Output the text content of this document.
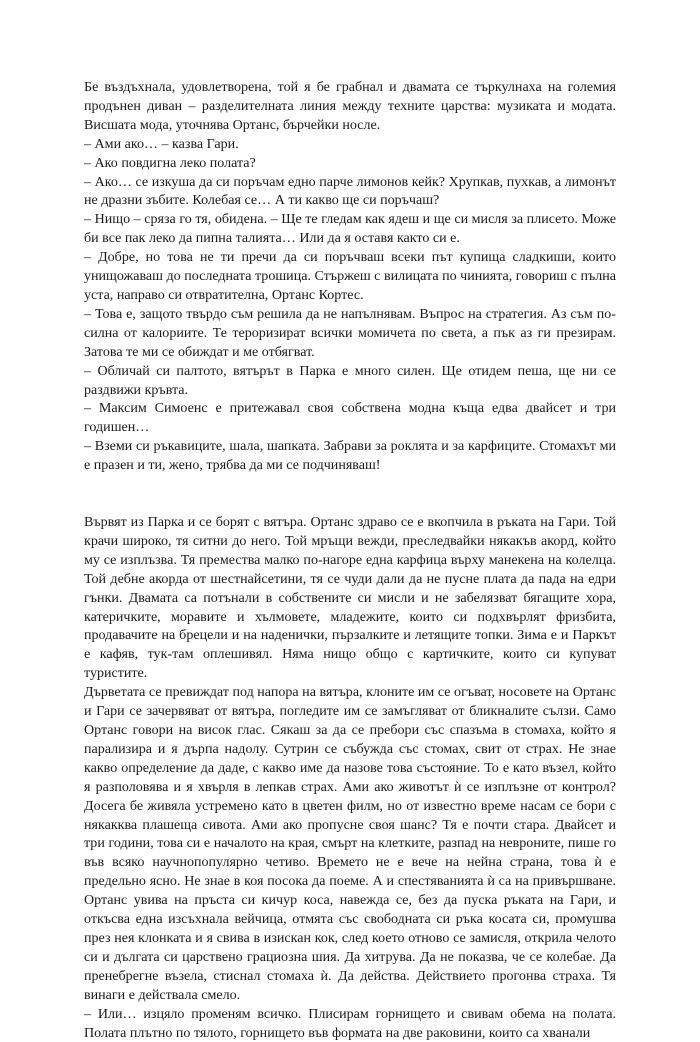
Бе въздъхнала, удовлетворена, той я бе грабнал и двамата се търкулнаха на големия продънен диван – разделителната линия между техните царства: музиката и модата. Висшата мода, уточнява Ортанс, бърчейки носле.

– Ами ако… – казва Гари.

– Ако повдигна леко полата?

– Ако… се изкуша да си поръчам едно парче лимонов кейк? Хрупкав, пухкав, а лимонът не дразни зъбите. Колебая се… А ти какво ще си поръчаш?

– Нищо – сряза го тя, обидена. – Ще те гледам как ядеш и ще си мисля за плисето. Може би все пак леко да пипна талията… Или да я оставя както си е.

– Добре, но това не ти пречи да си поръчваш всеки път купища сладкиши, които унищожаваш до последната трошица. Стържеш с вилицата по чинията, говориш с пълна уста, направо си отвратителна, Ортанс Кортес.

– Това е, защото твърдо съм решила да не напълнявам. Въпрос на стратегия. Аз съм по-силна от калориите. Те тероризират всички момичета по света, а пък аз ги презирам. Затова те ми се обиждат и ме отбягват.

– Обличай си палтото, вятърът в Парка е много силен. Ще отидем пеша, ще ни се раздвижи кръвта.

– Максим Симоенс е притежавал своя собствена модна къща едва двайсет и три годишен…

– Вземи си ръкавиците, шала, шапката. Забрави за роклята и за карфиците. Стомахът ми е празен и ти, жено, трябва да ми се подчиняваш!

Вървят из Парка и се борят с вятъра. Ортанс здраво се е вкопчила в ръката на Гари. Той крачи широко, тя ситни до него. Той мръщи вежди, преследвайки някакъв акорд, който му се изплъзва. Тя премества малко по-нагоре една карфица върху манекена на колелца. Той дебне акорда от шестнайсетини, тя се чуди дали да не пусне плата да пада на едри гънки. Двамата са потънали в собствените си мисли и не забелязват бягащите хора, катеричките, моравите и хълмовете, младежите, които си подхвърлят фризбита, продавачите на брецели и на наденички, пързалките и летящите топки. Зима е и Паркът е кафяв, тук-там оплешивял. Няма нищо общо с картичките, които си купуват туристите.

Дърветата се превиждат под напора на вятъра, клоните им се огъват, носовете на Ортанс и Гари се зачервяват от вятъра, погледите им се замъгляват от бликналите сълзи. Само Ортанс говори на висок глас. Сякаш за да се пребори със спазъма в стомаха, който я парализира и я дърпа надолу. Сутрин се събужда със стомах, свит от страх. Не знае какво определение да даде, с какво име да назове това състояние. То е като възел, който я разполовява и я хвърля в лепкав страх. Ами ако животът ѝ се изплъзне от контрол? Досега бе живяла устремено като в цветен филм, но от известно време насам се бори с някакква плашеща сивота. Ами ако пропусне своя шанс? Тя е почти стара. Двайсет и три години, това си е началото на края, смърт на клетките, разпад на невроните, пише го във всяко научнопопулярно четиво. Времето не е вече на нейна страна, това ѝ е предельно ясно. Не знае в коя посока да поеме. А и спестяванията ѝ са на привършване. Ортанс увива на пръста си кичур коса, навежда се, без да пуска ръката на Гари, и откъсва една изсъхнала вейчица, отмята със свободната си ръка косата си, промушва през нея клонката и я свива в изискан кок, след което отново се замисля, открила челото си и дългата си царствено грациозна шия. Да хитрува. Да не показва, че се колебае. Да пренебрегне възела, стиснал стомаха ѝ. Да действа. Действието прогонва страха. Тя винаги е действала смело.

– Или… изцяло променям всичко. Плисирам горнището и свивам обема на полата. Полата плътно по тялото, горнището във формата на две раковини, които са хванали
